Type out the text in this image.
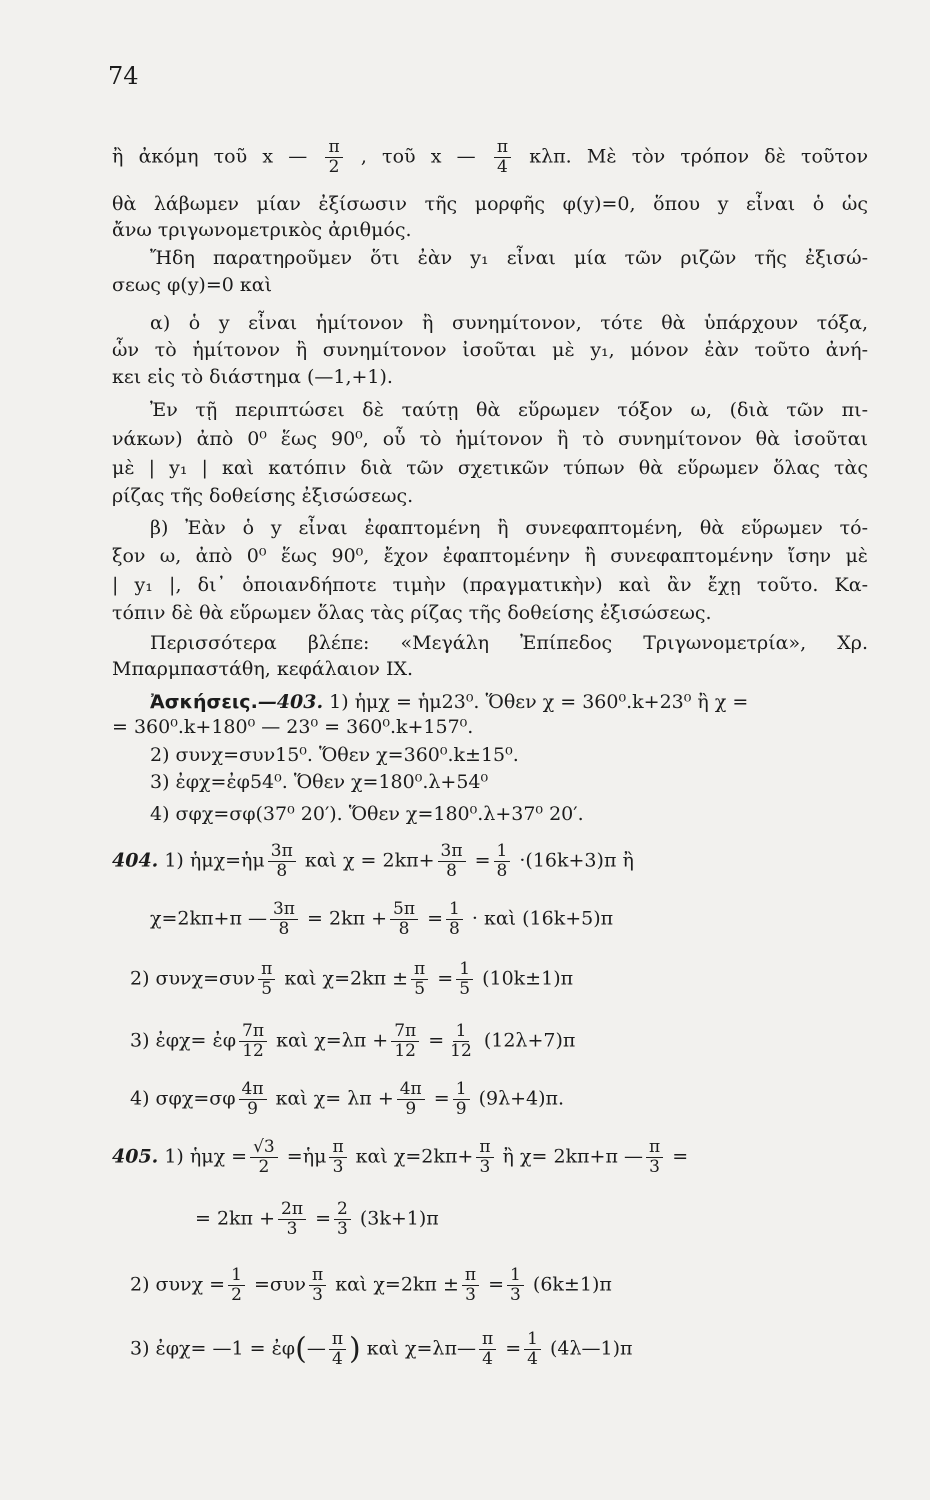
74
ἢ ἀκόμη τοῦ x — $\frac{\pi}{2}$ , τοῦ x — $\frac{\pi}{4} \kappa\lambda\pi$. Μὲ τὸν τρόπον δὲ τοῦτον
θὰ λάβωμεν μίαν ἐξίσωσιν τῆς μορφῆς φ(y)=0, ὅπου y εἶναι ὁ ὡς
ἄνω τριγωνομετρικὸς ἀριθμός.
Ἤδη παρατηροῦμεν ὅτι ἐὰν y₁ εἶναι μία τῶν ριζῶν τῆς ἐξισώ-
σεως φ(y)=0 καὶ
α) ὁ y εἶναι ἡμίτονον ἢ συνημίτονον, τότε θὰ ὑπάρχουν τόξα,
ὧν τὸ ἡμίτονον ἢ συνημίτονον ἰσοῦται μὲ y₁, μόνον ἐὰν τοῦτο ἀνή-
κει εἰς τὸ διάστημα (—1,+1).
Ἐν τῇ περιπτώσει δὲ ταύτῃ θὰ εὕρωμεν τόξον ω, (διὰ τῶν πι-
νάκων) ἀπὸ 0⁰ ἕως 90⁰, οὗ τὸ ἡμίτονον ἢ τὸ συνημίτονον θὰ ἰσοῦται
μὲ | y₁ | καὶ κατόπιν διὰ τῶν σχετικῶν τύπων θὰ εὕρωμεν ὅλας τὰς
ρίζας τῆς δοθείσης ἐξισώσεως.
β) Ἐὰν ὁ y εἶναι ἐφαπτομένη ἢ συνεφαπτομένη, θὰ εὕρωμεν τό-
ξον ω, ἀπὸ 0⁰ ἕως 90⁰, ἔχον ἐφαπτομένην ἢ συνεφαπτομένην ἴσην μὲ
| y₁ |, δι᾽ ὁποιανδήποτε τιμὴν (πραγματικὴν) καὶ ἂν ἔχῃ τοῦτο. Κα-
τόπιν δὲ θὰ εὕρωμεν ὅλας τὰς ρίζας τῆς δοθείσης ἐξισώσεως.
Περισσότερα βλέπε: «Μεγάλη Ἐπίπεδος Τριγωνομετρία», Χρ.
Μπαρμπαστάθη, κεφάλαιον IX.
Ἀσκήσεις.—403. 1) ἡμχ = ἡμ23⁰. Ὅθεν χ = 360⁰.k+23⁰ ἢ χ =
= 360⁰.k+180⁰ — 23⁰ = 360⁰.k+157⁰.
2) συνχ=συν15⁰. Ὅθεν χ=360⁰.k±15⁰.
3) ἐφχ=ἐφ54⁰. Ὅθεν χ=180⁰.λ+54⁰
4) σφχ=σφ(37⁰ 20′). Ὅθεν χ=180⁰.λ+37⁰ 20′.
404. 1) ἡμχ=ἡμ $\frac{3\pi}{8}$ καὶ $\chi = 2k\pi+ \frac{3\pi}{8} = \frac{1}{8} \cdot(16k+3)\pi$ ἢ
χ=2kπ+π — $\frac{3\pi}{8} = 2k\pi + \frac{5\pi}{8} = \frac{1}{8}$ · καὶ (16k+5)π
2) $\sigma\upsilon\nu\chi=\sigma\upsilon\nu \frac{\pi}{5}$ καὶ $\chi=2k\pi \pm \frac{\pi}{5} = \frac{1}{5} (10k\pm 1)\pi$
3) ἐφχ= ἐφ $\frac{7\pi}{12}$ καὶ $\chi=\lambda\pi + \frac{7\pi}{12} = \frac{1}{12} (12\lambda+7)\pi$
4) $\sigma\varphi\chi=\sigma\varphi \frac{4\pi}{9}$ καὶ $\chi= \lambda\pi + \frac{4\pi}{9} = \frac{1}{9} (9\lambda+4)\pi$.
405. 1) ἡμχ = $\frac{√3}{2}$ =ἡμ $\frac{\pi}{3}$ καὶ $\chi=2k\pi+ \frac{\pi}{3}$ ἢ χ= 2kπ+π — $\frac{\pi}{3}$ =
= $2k\pi + \frac{2\pi}{3} = \frac{2}{3} (3k+1)\pi$
2) $\sigma\upsilon\nu\chi = \frac{1}{2} =\sigma\upsilon\nu \frac{\pi}{3}$ καὶ $\chi=2k\pi \pm \frac{\pi}{3} = \frac{1}{3} (6k\pm 1)\pi$
3) ἐφχ= —1 = ἐφ(— $\frac{\pi}{4}$ ) καὶ χ=λπ— $\frac{\pi}{4} = \frac{1}{4}$ (4λ—1)π
